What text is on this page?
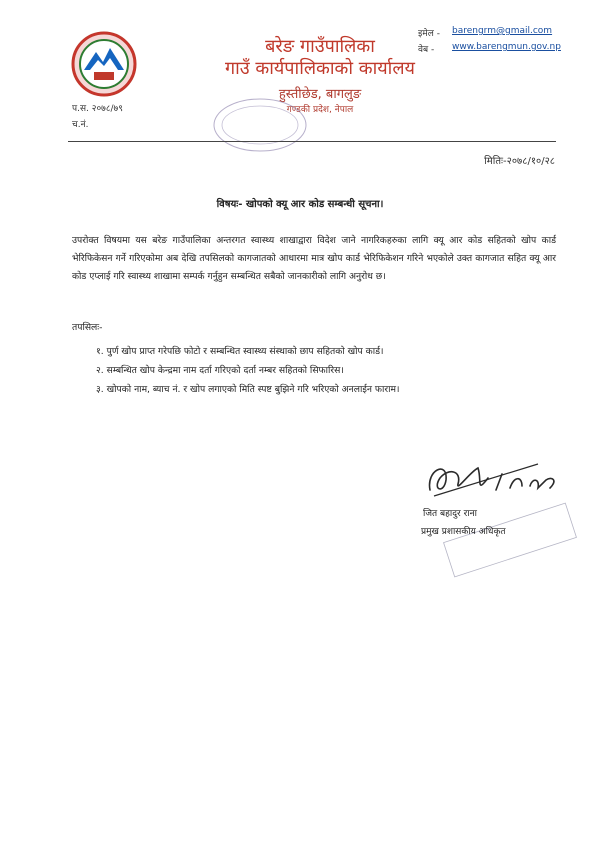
बरेङ गाउँपालिका
गाउँ कार्यपालिकाको कार्यालय
हुस्तीछेड, बागलुङ
गण्डकी प्रदेश, नेपाल
इमेल - barengrm@gmail.com
वेब - www.barengmun.gov.np
प.स. २०७८/७९
च.नं.
मितिः-२०७८/१०/२८
विषयः- खोपको क्यू आर कोड सम्बन्धी सूचना।
उपरोक्त विषयमा यस बरेङ गाउँपालिका अन्तरगत स्वास्थ्य शाखाद्वारा विदेश जाने नागरिकहरुका लागि क्यू आर कोड सहितको खोप कार्ड भेरिफिकेसन गर्ने गरिएकोमा अब देखि तपसिलको कागजातको आधारमा मात्र खोप कार्ड भेरिफिकेशन गरिने भएकोले उक्त कागजात सहित क्यू आर कोड एप्लाई गरि स्वास्थ्य शाखामा सम्पर्क गर्नुहुन सम्बन्धित सबैको जानकारीको लागि अनुरोध छ।
तपसिलः-
१. पुर्ण खोप प्राप्त गरेपछि फोटो र सम्बन्धित स्वास्थ्य संस्थाको छाप सहितको खोप कार्ड।
२. सम्बन्धित खोप केन्द्रमा नाम दर्ता गरिएको दर्ता नम्बर सहितको सिफारिस।
३. खोपको नाम, ब्याच नं. र खोप लगाएको मिति स्पष्ट बुझिने गरि भरिएको अनलाईन फाराम।
जित बहादुर राना
प्रमुख प्रशासकीय अधिकृत
